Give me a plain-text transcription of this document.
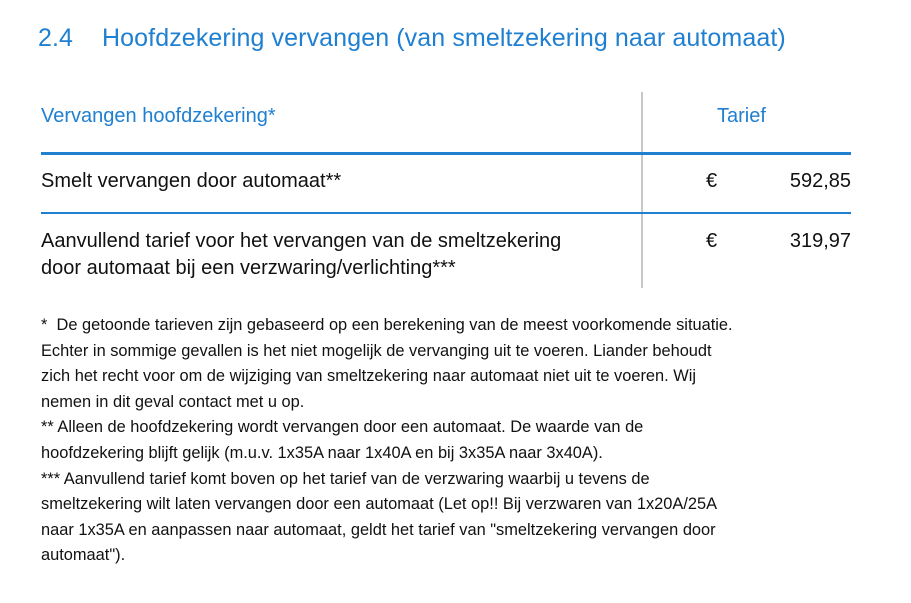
2.4 Hoofdzekering vervangen (van smeltzekering naar automaat)
Vervangen hoofdzekering*	Tarief
Smelt vervangen door automaat**	€	592,85
Aanvullend tarief voor het vervangen van de smeltzekering
door automaat bij een verzwaring/verlichting***
€	319,97

*  De getoonde tarieven zijn gebaseerd op een berekening van de meest voorkomende situatie.

Echter in sommige gevallen is het niet mogelijk de vervanging uit te voeren. Liander behoudt

zich het recht voor om de wijziging van smeltzekering naar automaat niet uit te voeren. Wij

nemen in dit geval contact met u op.

** Alleen de hoofdzekering wordt vervangen door een automaat. De waarde van de

hoofdzekering blijft gelijk (m.u.v. 1x35A naar 1x40A en bij 3x35A naar 3x40A).

*** Aanvullend tarief komt boven op het tarief van de verzwaring waarbij u tevens de

smeltzekering wilt laten vervangen door een automaat (Let op!! Bij verzwaren van 1x20A/25A

naar 1x35A en aanpassen naar automaat, geldt het tarief van "smeltzekering vervangen door

automaat").
